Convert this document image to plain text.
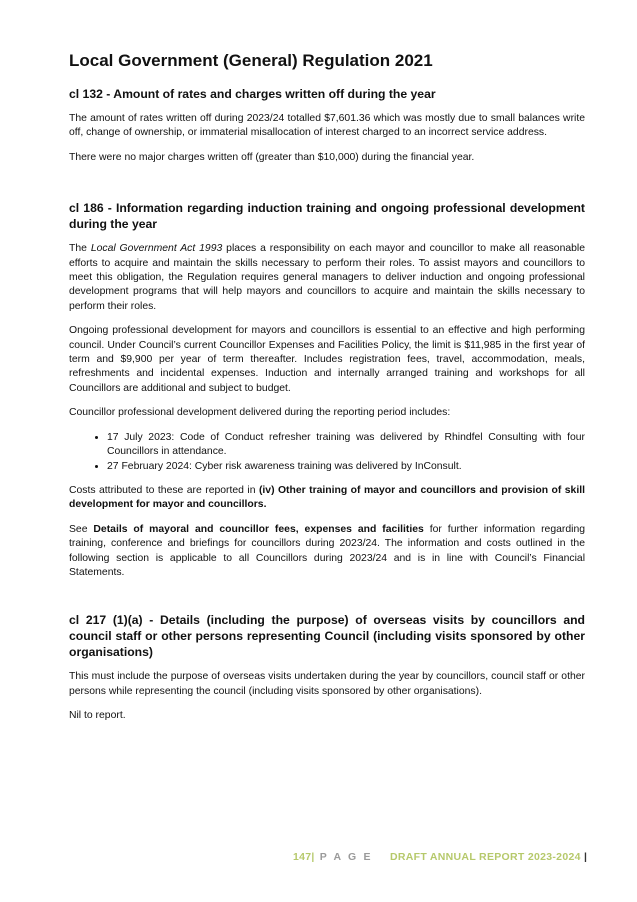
Local Government (General) Regulation 2021
cl 132 - Amount of rates and charges written off during the year

The amount of rates written off during 2023/24 totalled $7,601.36 which was mostly due to small balances write off, change of ownership, or immaterial misallocation of interest charged to an incorrect service address.

There were no major charges written off (greater than $10,000) during the financial year.

cl 186 - Information regarding induction training and ongoing professional development during the year

The Local Government Act 1993 places a responsibility on each mayor and councillor to make all reasonable efforts to acquire and maintain the skills necessary to perform their roles. To assist mayors and councillors to meet this obligation, the Regulation requires general managers to deliver induction and ongoing professional development programs that will help mayors and councillors to acquire and maintain the skills necessary to perform their roles.

Ongoing professional development for mayors and councillors is essential to an effective and high performing council. Under Council’s current Councillor Expenses and Facilities Policy, the limit is $11,985 in the first year of term and $9,900 per year of term thereafter. Includes registration fees, travel, accommodation, meals, refreshments and incidental expenses. Induction and internally arranged training and workshops for all Councillors are additional and subject to budget.

Councillor professional development delivered during the reporting period includes:

• 17 July 2023: Code of Conduct refresher training was delivered by Rhindfel Consulting with four Councillors in attendance.
• 27 February 2024: Cyber risk awareness training was delivered by InConsult.

Costs attributed to these are reported in (iv) Other training of mayor and councillors and provision of skill development for mayor and councillors.

See Details of mayoral and councillor fees, expenses and facilities for further information regarding training, conference and briefings for councillors during 2023/24. The information and costs outlined in the following section is applicable to all Councillors during 2023/24 and is in line with Council’s Financial Statements.

cl 217 (1)(a) - Details (including the purpose) of overseas visits by councillors and council staff or other persons representing Council (including visits sponsored by other organisations)

This must include the purpose of overseas visits undertaken during the year by councillors, council staff or other persons while representing the council (including visits sponsored by other organisations).

Nil to report.

147| P A G E DRAFT ANNUAL REPORT 2023-2024 |
